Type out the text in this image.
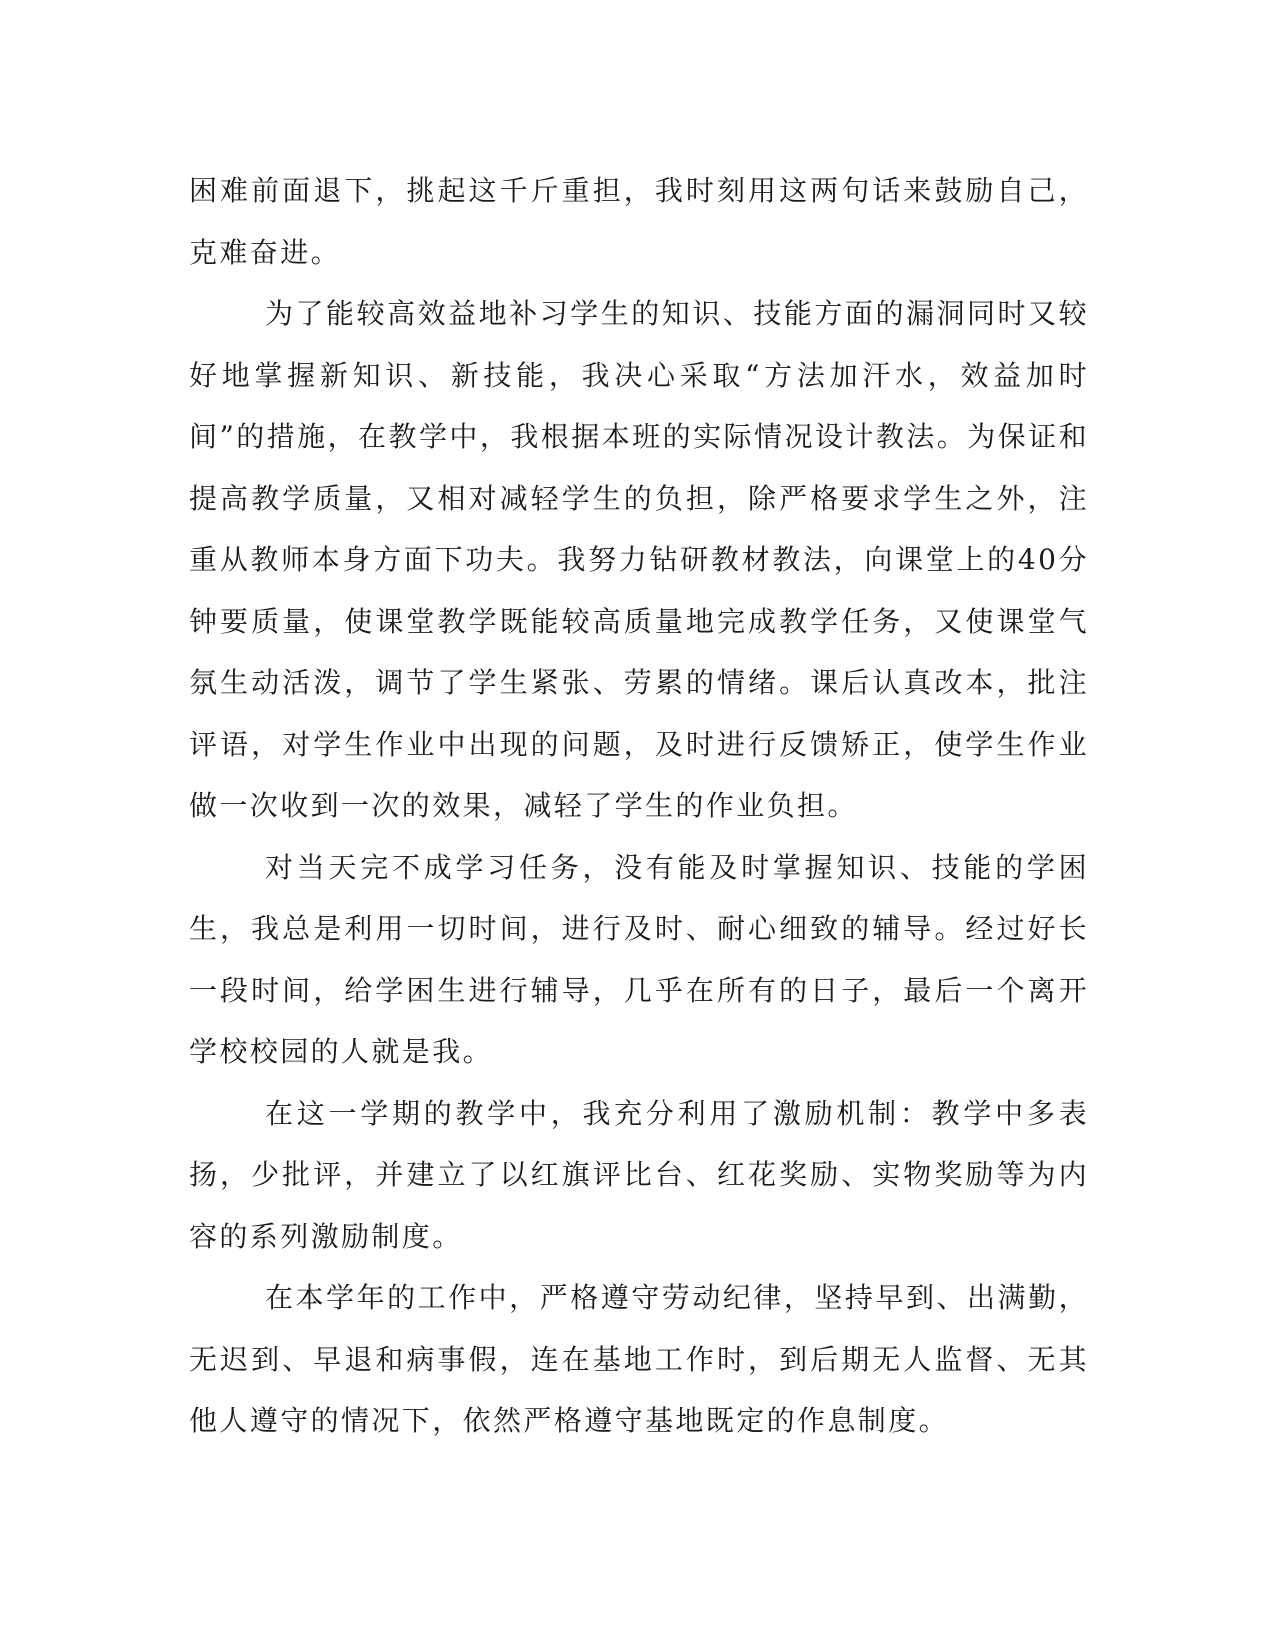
困难前面退下，挑起这千斤重担，我时刻用这两句话来鼓励自己，克难奋进。

为了能较高效益地补习学生的知识、技能方面的漏洞同时又较好地掌握新知识、新技能，我决心采取“方法加汗水，效益加时间”的措施，在教学中，我根据本班的实际情况设计教法。为保证和提高教学质量，又相对减轻学生的负担，除严格要求学生之外，注重从教师本身方面下功夫。我努力钻研教材教法，向课堂上的40分钟要质量，使课堂教学既能较高质量地完成教学任务，又使课堂气氛生动活泼，调节了学生紧张、劳累的情绪。课后认真改本，批注评语，对学生作业中出现的问题，及时进行反馈矫正，使学生作业做一次收到一次的效果，减轻了学生的作业负担。

对当天完不成学习任务，没有能及时掌握知识、技能的学困生，我总是利用一切时间，进行及时、耐心细致的辅导。经过好长一段时间，给学困生进行辅导，几乎在所有的日子，最后一个离开学校校园的人就是我。

在这一学期的教学中，我充分利用了激励机制：教学中多表扬，少批评，并建立了以红旗评比台、红花奖励、实物奖励等为内容的系列激励制度。

在本学年的工作中，严格遵守劳动纪律，坚持早到、出满勤，无迟到、早退和病事假，连在基地工作时，到后期无人监督、无其他人遵守的情况下，依然严格遵守基地既定的作息制度。
